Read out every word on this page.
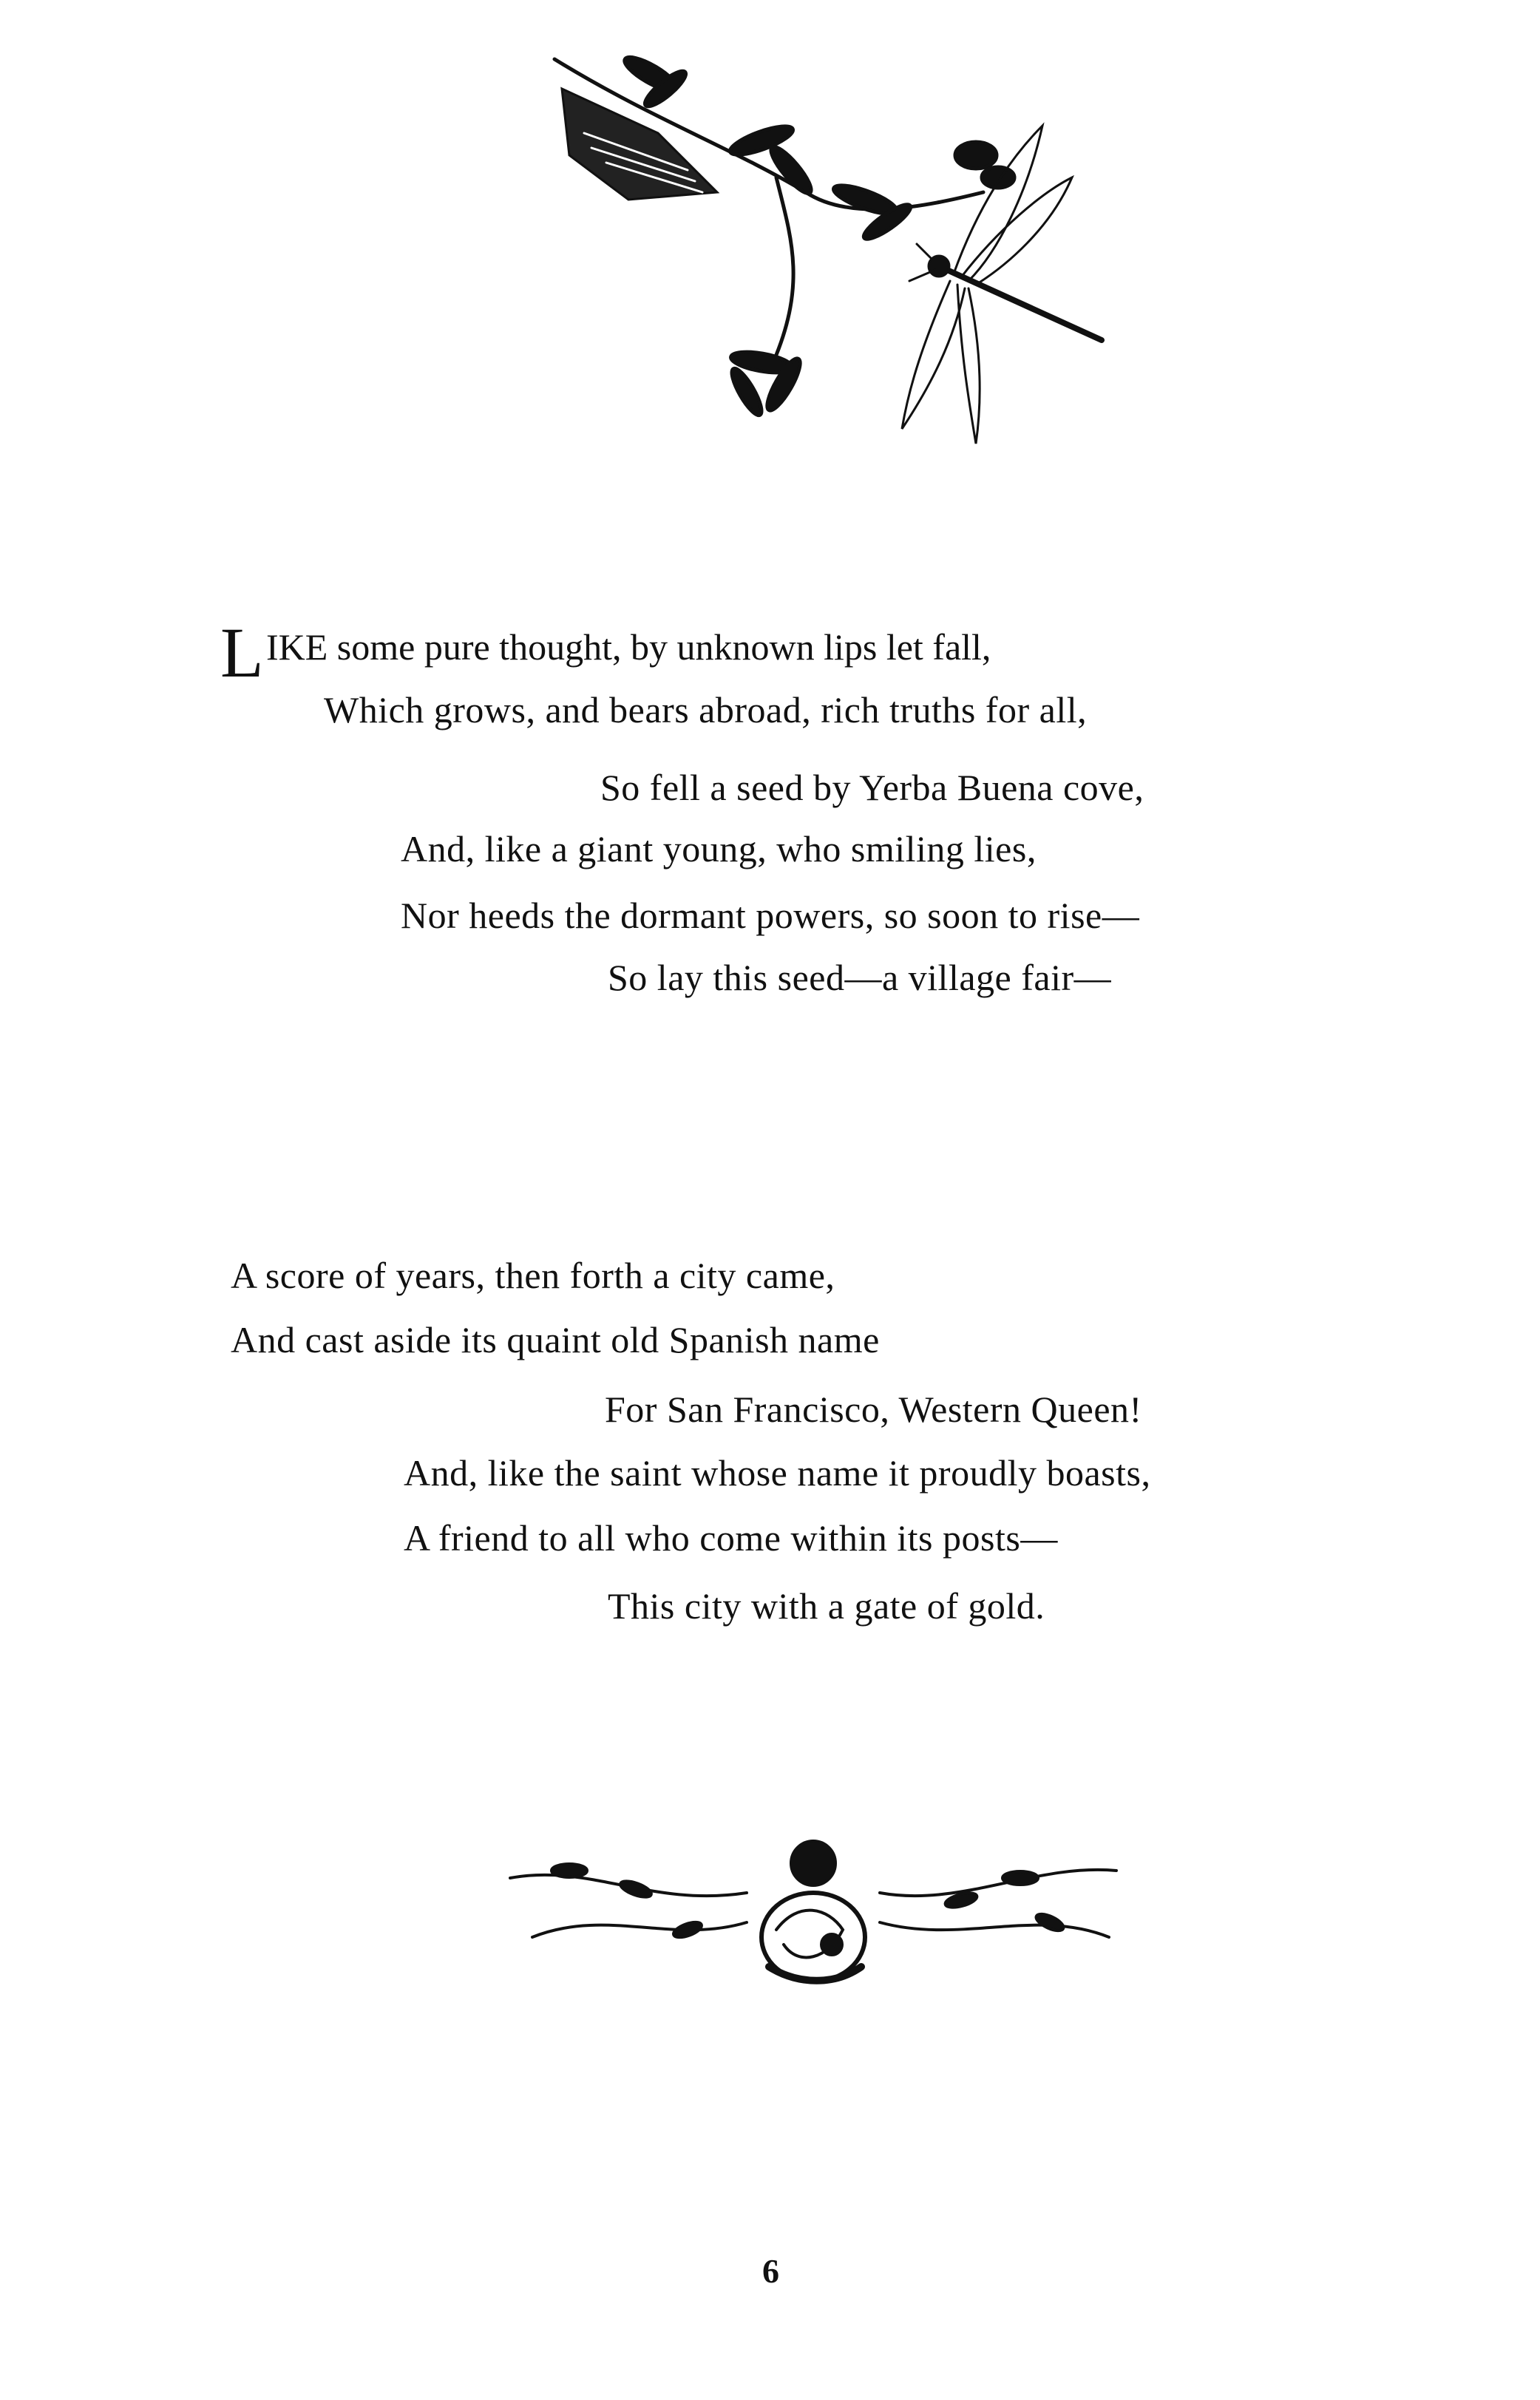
L IKE some pure thought, by unknown lips let fall,
Which grows, and bears abroad, rich truths for all,
So fell a seed by Yerba Buena cove,
And, like a giant young, who smiling lies,
Nor heeds the dormant powers, so soon to rise—
So lay this seed—a village fair—
A score of years, then forth a city came,
And cast aside its quaint old Spanish name
For San Francisco, Western Queen!
And, like the saint whose name it proudly boasts,
A friend to all who come within its posts—
This city with a gate of gold.
6
